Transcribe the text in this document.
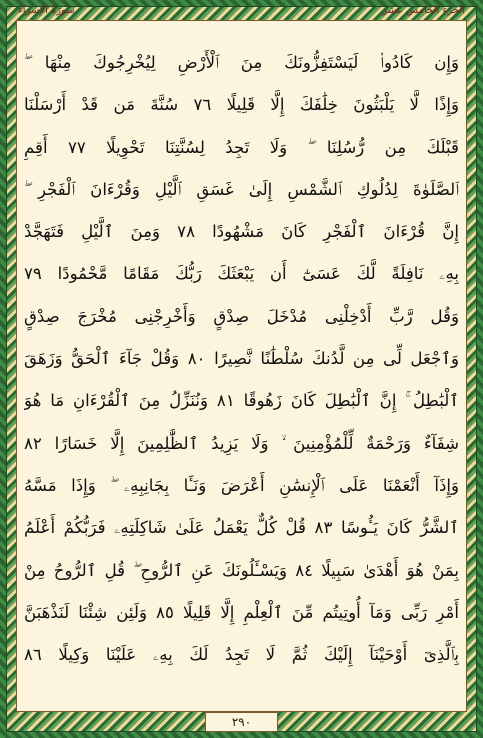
سُورَةُ الإسراء	الجزء الخامس عشر
وَإِن كَادُوا۟ لَيَسْتَفِزُّونَكَ مِنَ ٱلْأَرْضِ لِيُخْرِجُوكَ مِنْهَا ۖ
وَإِذًا لَّا يَلْبَثُونَ خِلَٰفَكَ إِلَّا قَلِيلًا ٧٦ سُنَّةَ مَن قَدْ أَرْسَلْنَا
قَبْلَكَ مِن رُّسُلِنَا ۖ وَلَا تَجِدُ لِسُنَّتِنَا تَحْوِيلًا ٧٧ أَقِمِ
ٱلصَّلَوٰةَ لِدُلُوكِ ٱلشَّمْسِ إِلَىٰ غَسَقِ ٱلَّيْلِ وَقُرْءَانَ ٱلْفَجْرِ ۖ
إِنَّ قُرْءَانَ ٱلْفَجْرِ كَانَ مَشْهُودًا ٧٨ وَمِنَ ٱلَّيْلِ فَتَهَجَّدْ
بِهِۦ نَافِلَةً لَّكَ عَسَىٰٓ أَن يَبْعَثَكَ رَبُّكَ مَقَامًا مَّحْمُودًا ٧٩
وَقُل رَّبِّ أَدْخِلْنِى مُدْخَلَ صِدْقٍ وَأَخْرِجْنِى مُخْرَجَ صِدْقٍ
وَٱجْعَل لِّى مِن لَّدُنكَ سُلْطَٰنًا نَّصِيرًا ٨٠ وَقُلْ جَآءَ ٱلْحَقُّ وَزَهَقَ
ٱلْبَٰطِلُ ۚ إِنَّ ٱلْبَٰطِلَ كَانَ زَهُوقًا ٨١ وَنُنَزِّلُ مِنَ ٱلْقُرْءَانِ مَا هُوَ
شِفَآءٌ وَرَحْمَةٌ لِّلْمُؤْمِنِينَ ۙ وَلَا يَزِيدُ ٱلظَّٰلِمِينَ إِلَّا خَسَارًا ٨٢
وَإِذَآ أَنْعَمْنَا عَلَى ٱلْإِنسَٰنِ أَعْرَضَ وَنَـَٔا بِجَانِبِهِۦ ۖ وَإِذَا مَسَّهُ
ٱلشَّرُّ كَانَ يَـُٔوسًا ٨٣ قُلْ كُلٌّ يَعْمَلُ عَلَىٰ شَاكِلَتِهِۦ فَرَبُّكُمْ أَعْلَمُ
بِمَنْ هُوَ أَهْدَىٰ سَبِيلًا ٨٤ وَيَسْـَٔلُونَكَ عَنِ ٱلرُّوحِ ۖ قُلِ ٱلرُّوحُ مِنْ
أَمْرِ رَبِّى وَمَآ أُوتِيتُم مِّنَ ٱلْعِلْمِ إِلَّا قَلِيلًا ٨٥ وَلَئِن شِئْنَا لَنَذْهَبَنَّ
بِٱلَّذِىٓ أَوْحَيْنَآ إِلَيْكَ ثُمَّ لَا تَجِدُ لَكَ بِهِۦ عَلَيْنَا وَكِيلًا ٨٦
٢٩٠
